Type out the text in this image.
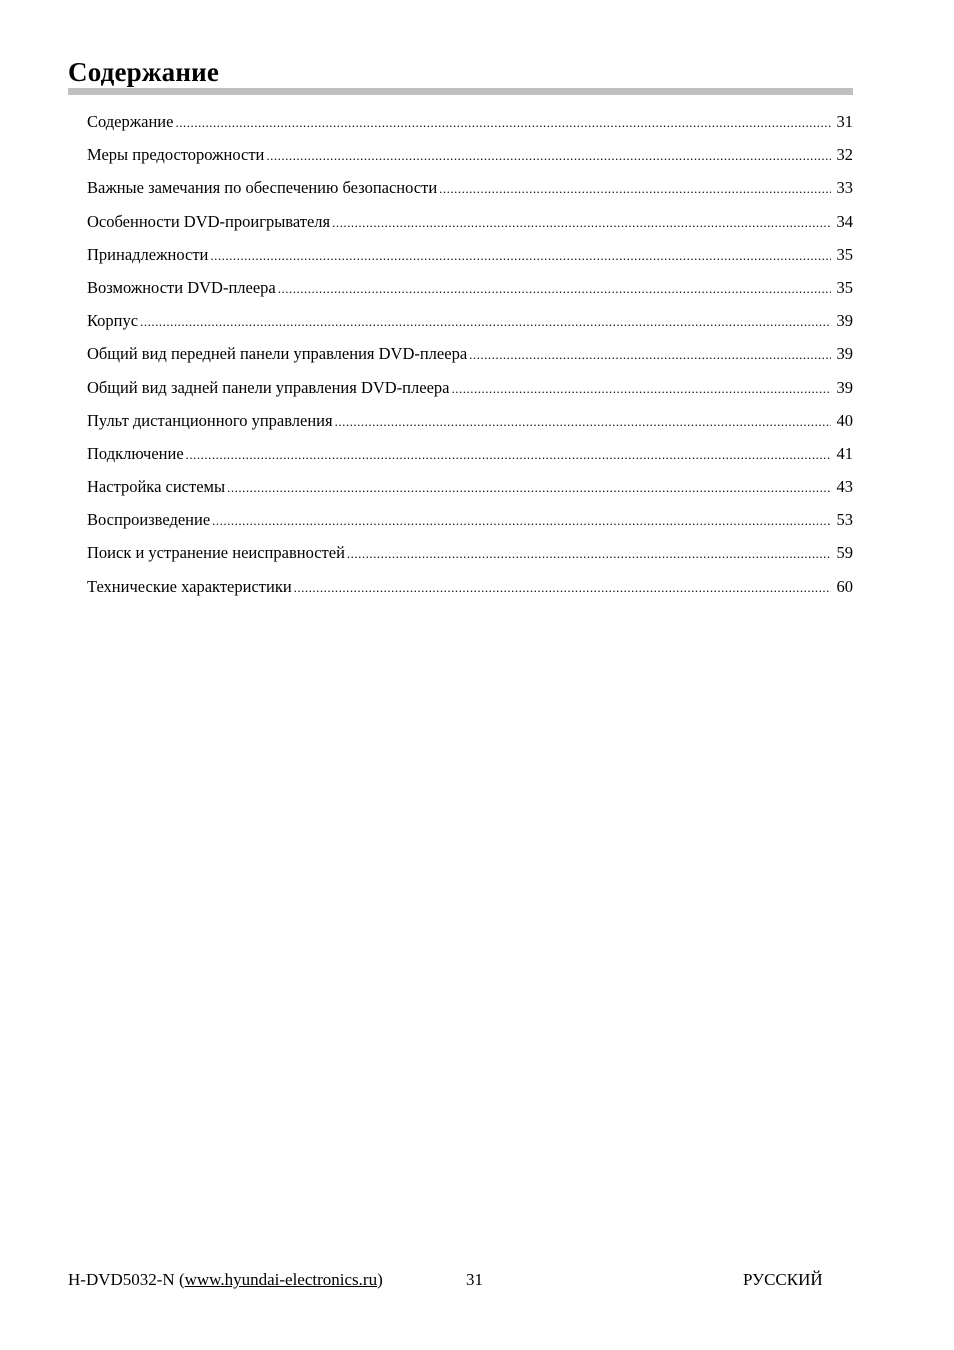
Содержание
Содержание .....	31
Меры предосторожности .....	32
Важные замечания по обеспечению безопасности .....	33
Особенности DVD-проигрывателя .....	34
Принадлежности .....	35
Возможности DVD-плеера .....	35
Корпус .....	39
Общий вид передней панели управления DVD-плеера .....	39
Общий вид задней панели управления DVD-плеера .....	39
Пульт дистанционного управления .....	40
Подключение .....	41
Настройка системы .....	43
Воспроизведение .....	53
Поиск и устранение неисправностей .....	59
Технические характеристики .....	60
H-DVD5032-N (www.hyundai-electronics.ru)	31	РУССКИЙ
